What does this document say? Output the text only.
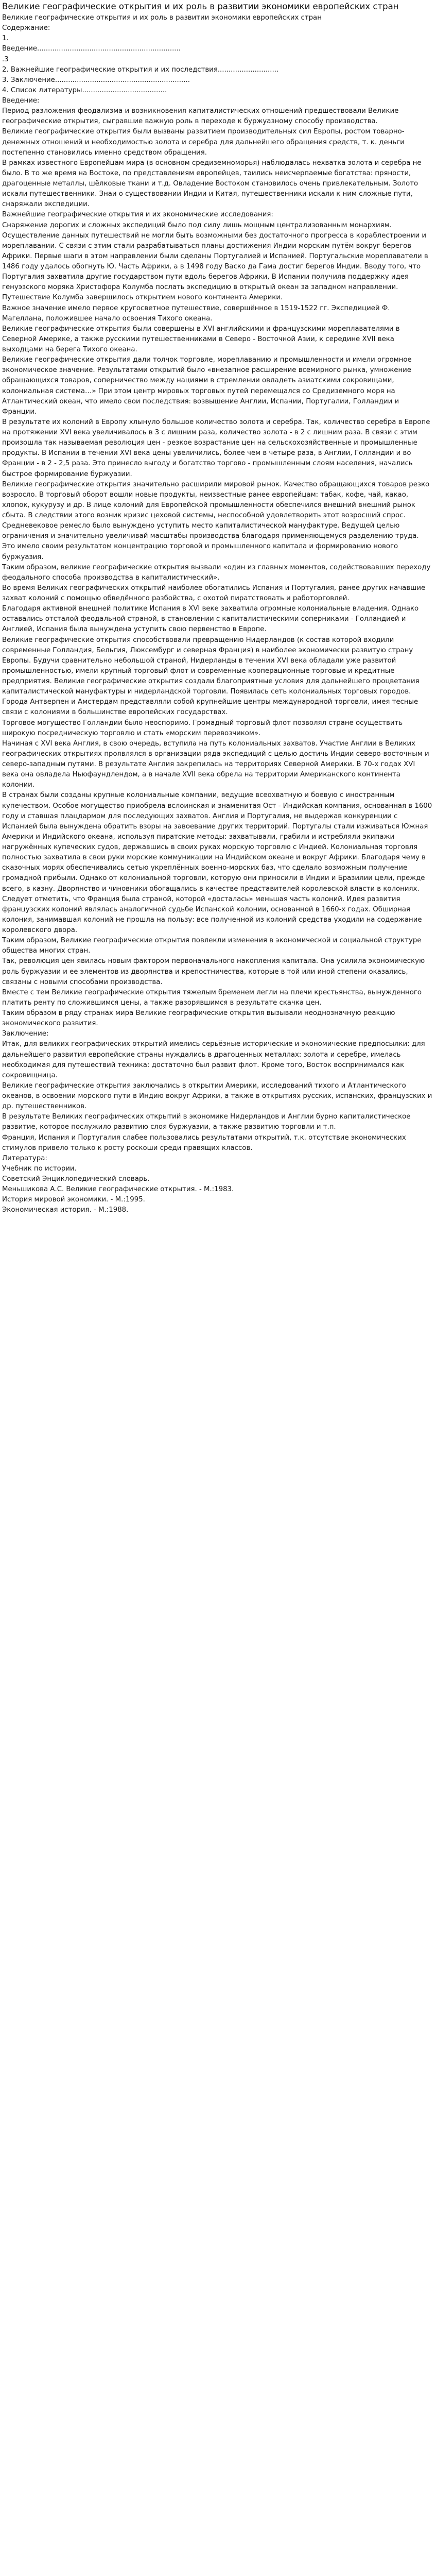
Великие географические открытия и их роль в развитии экономики европейских стран

Великие географические открытия и их роль в развитии экономики европейских стран

Содержание:

1.

Введение..................................................................

.3

2. Важнейшие географические открытия и их последствия............................

3. Заключение..............................................................

4. Список литературы.......................................

Введение:

Период разложения феодализма и возникновения капиталистических отношений предшествовали Великие географические открытия, сыгравшие важную роль в переходе к буржуазному способу производства.

Великие географические открытия были вызваны развитием производительных сил Европы, ростом товарно-денежных отношений и необходимостью золота и серебра для дальнейшего обращения средств, т. к. деньги постепенно становились именно средством обращения.

В рамках известного Европейцам мира (в основном средиземноморья) наблюдалась нехватка золота и серебра не было. В то же время на Востоке, по представлениям европейцев, таились неисчерпаемые богатства: пряности, драгоценные металлы, шёлковые ткани и т.д. Овладение Востоком становилось очень привлекательным. Золото искали путешественники. Знаи о существовании Индии и Китая, путешественники искали к ним сложные пути, снаряжали экспедиции.

Важнейшие географические открытия и их экономические исследования:

Снаряжение дорогих и сложных экспедиций было под силу лишь мощным централизованным монархиям. Осуществление данных путешествий не могли быть возможными без достаточного прогресса в кораблестроении и мореплавании. С связи с этим стали разрабатываться планы достижения Индии морским путём вокруг берегов Африки. Первые шаги в этом направлении были сделаны Португалией и Испанией. Португальские мореплаватели в 1486 году удалось обогнуть Ю. Часть Африки, а в 1498 году Васко да Гама достиг берегов Индии. Вводу того, что Португалия захватила другие государством пути вдоль берегов Африки, В Испании получила поддержку идея генуэзского моряка Христофора Колумба послать экспедицию в открытый океан за западном направлении. Путешествие Колумба завершилось открытием нового континента Америки.

Важное значение имело первое кругосветное путешествие, совершённое в 1519-1522 гг. Экспедицией Ф. Магеллана, положившее начало освоения Тихого океана.

Великие географические открытия были совершены в XVI английскими и французскими мореплавателями в Северной Америке, а также русскими путешественниками в Северо - Восточной Азии, к середине XVII века выходцами на берега Тихого океана.

Великие географические открытия дали толчок торговле, мореплаванию и промышленности и имели огромное экономическое значение. Результатами открытий было «внезапное расширение всемирного рынка, умножение обращающихся товаров, соперничество между нациями в стремлении овладеть азиатскими сокровищами, колониальная система…» При этом центр мировых торговых путей перемещался со Средиземного моря на Атлантический океан, что имело свои последствия: возвышение Англии, Испании, Португалии, Голландии и Франции.

В результате их колоний в Европу хлынуло большое количество золота и серебра. Так, количество серебра в Европе на протяжении XVI века увеличивалось в 3 с лишним раза, количество золота - в 2 с лишним раза. В связи с этим произошла так называемая революция цен - резкое возрастание цен на сельскохозяйственные и промышленные продукты. В Испании в течении XVI века цены увеличились, более чем в четыре раза, в Англии, Голландии и во Франции - в 2 - 2,5 раза. Это принесло выгоду и богатство торгово - промышленным слоям населения, начались быстрое формирование буржуазии.

Великие географические открытия значительно расширили мировой рынок. Качество обращающихся товаров резко возросло. В торговый оборот вошли новые продукты, неизвестные ранее европейцам: табак, кофе, чай, какао, хлопок, кукурузу и др. В лице колоний для Европейской промышленности обеспечился внешний внешний рынок сбыта. В следствии этого возник кризис цеховой системы, неспособной удовлетворить этот возросший спрос. Средневековое ремесло было вынуждено уступить место капиталистической мануфактуре. Ведущей целью ограничения и значительно увеличивай масштабы производства благодаря применяющемуся разделению труда. Это имело своим результатом концентрацию торговой и промышленного капитала и формированию нового буржуазия.

Таким образом, великие географические открытия вызвали «один из главных моментов, содействовавших переходу феодального способа производства в капиталистический».

Во время Великих географических открытий наиболее обогатились Испания и Португалия, ранее других начавшие захват колоний с помощью обведённого разбойства, с охотой пиратствовать и работорговлей.

Благодаря активной внешней политике Испания в XVI веке захватила огромные колониальные владения. Однако оставались отсталой феодальной страной, в становлении с капиталистическими соперниками - Голландией и Англией, Испания была вынуждена уступить свою первенство в Европе.

Великие географические открытия способствовали превращению Нидерландов (к состав которой входили современные Голландия, Бельгия, Люксембург и северная Франция) в наиболее экономически развитую страну Европы. Будучи сравнительно небольшой страной, Нидерланды в течении XVI века обладали уже развитой промышленностью, имели крупный торговый флот и современные кооперационные торговые и кредитные предприятия. Великие географические открытия создали благоприятные условия для дальнейшего процветания капиталистической мануфактуры и нидерландской торговли. Появилась сеть колониальных торговых городов. Города Антверпен и Амстердам представляли собой крупнейшие центры международной торговли, имея тесные связи с колониями в большинстве европейских государствах.

Торговое могущество Голландии было неоспоримо. Громадный торговый флот позволял стране осуществить широкую посредническую торговлю и стать «морским перевозчиком».

Начиная с XVI века Англия, в свою очередь, вступила на путь колониальных захватов. Участие Англии в Великих географических открытиях проявлялся в организации ряда экспедиций с целью достичь Индии северо-восточным и северо-западным путями. В результате Англия закрепилась на территориях Северной Америки. В 70-х годах XVI века она овладела Ньюфаундлендом, а в начале XVII века обрела на территории Американского континента колонии.

В странах были созданы крупные колониальные компании, ведущие всеохватную и боевую с иностранным купечеством. Особое могущество приобрела вслоинская и знаменитая Ост - Индийская компания, основанная в 1600 году и ставшая плацдармом для последующих захватов. Англия и Португалия, не выдержав конкуренции с Испанией была вынуждена обратить взоры на завоевание других территорий. Португалы стали изживаться Южная Америки и Индийского океана, используя пиратские методы: захватывали, грабили и истребляли экипажи нагружённых купеческих судов, державшись в своих руках морскую торговлю с Индией. Колониальная торговля полностью захватила в свои руки морские коммуникации на Индийском океане и вокруг Африки. Благодаря чему в сказочных морях обеспечивались сетью укреплённых военно-морских баз, что сделало возможным получение громадной прибыли. Однако от колониальной торговли, которую они приносили в Индии и Бразилии цели, прежде всего, в казну. Дворянство и чиновники обогащались в качестве представителей королевской власти в колониях.

Следует отметить, что Франция была страной, которой «досталась» меньшая часть колоний. Идея развития французских колоний являлась аналогичной судьбе Испанской колонии, основанной в 1660-х годах. Обширная колония, занимавшая колоний не прошла на пользу: все полученной из колоний средства уходили на содержание королевского двора.

Таким образом, Великие географические открытия повлекли изменения в экономической и социальной структуре общества многих стран.

Так, революция цен явилась новым фактором первоначального накопления капитала. Она усилила экономическую роль буржуазии и ее элементов из дворянства и крепостничества, которые в той или иной степени оказались, связаны с новыми способами производства.

Вместе с тем Великие географические открытия тяжелым бременем легли на плечи крестьянства, вынужденного платить ренту по сложившимся цены, а также разорявшимся в результате скачка цен.

Таким образом в ряду странах мира Великие географические открытия вызывали неоднозначную реакцию экономического развития.

Заключение:

Итак, для великих географических открытий имелись серьёзные исторические и экономические предпосылки: для дальнейшего развития европейские страны нуждались в драгоценных металлах: золота и серебре, имелась необходимая для путешествий техника: достаточно был развит флот. Кроме того, Восток воспринимался как сокровищница.

Великие географические открытия заключались в открытии Америки, исследований тихого и Атлантического океанов, в освоении морского пути в Индию вокруг Африки, а также в открытиях русских, испанских, французских и др. путешественников.

В результате Великих географических открытий в экономике Нидерландов и Англии бурно капиталистическое развитие, которое послужило развитию слоя буржуазии, а также развитию торговли и т.п.

Франция, Испания и Португалия слабее пользовались результатами открытий, т.к. отсутствие экономических стимулов привело только к росту роскоши среди правящих классов.

Литература:

Учебник по истории.

Советский Энциклопедический словарь.

Меньшикова А.С. Великие географические открытия. - М.:1983.

История мировой экономики. - М.:1995.

Экономическая история. - М.:1988.
